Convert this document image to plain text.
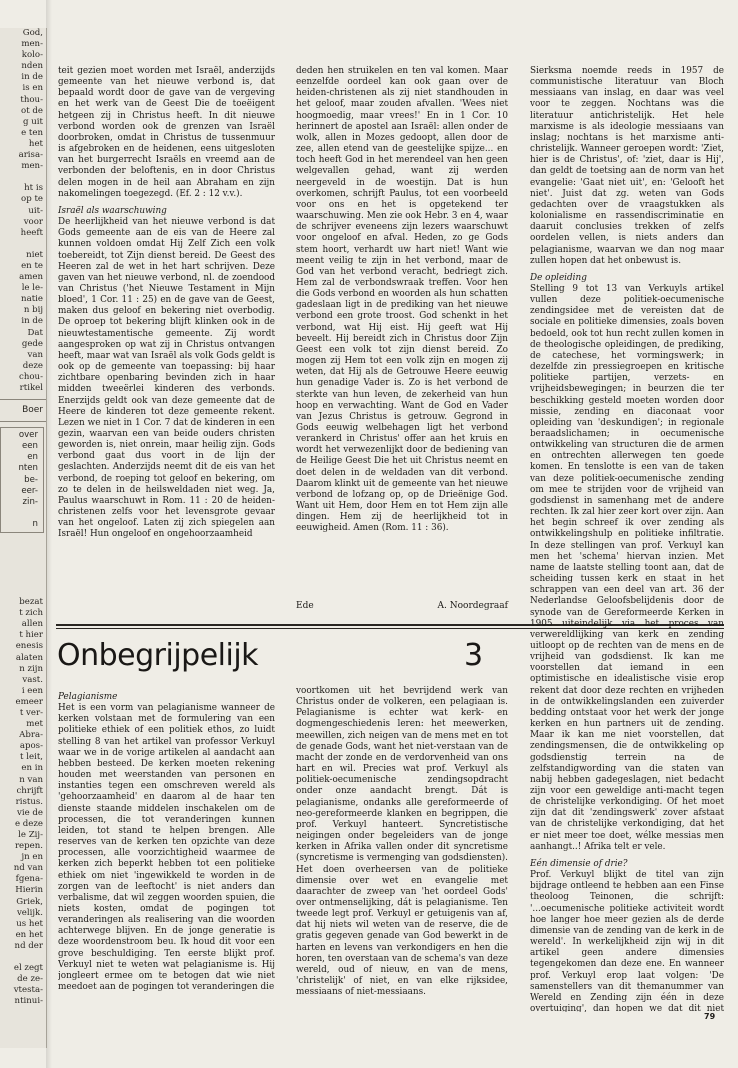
God,
men-
kolo-
nden
in de
is en
thou-
ot de
g uit
e ten
het
arisa-
men-

ht is
op te
uit-
voor
heeft

niet
en te
amen
le le-
natie
n bij
in de
Dat
gede
van
deze
chou-
rtikel
Boer
over
een
en
nten
be-
eer-
zin-

n
bezat
t zich
allen
t hier
enesis
alaten
n zijn
vast.
i een
emeer
t ver-
met
Abra-
apos-
t leit,
en in
n van
chrijft
ristus.
vie de
e deze
le Zij-
repen.
jn en
nd van
fgena-
Hierin
Griek,
velijk.
us het
en het
nd der

el zegt
de ze-
vtesta-
ntinui-

teit gezien moet worden met Israël, anderzijds gemeente van het nieuwe verbond is, dat bepaald wordt door de gave van de vergeving en het werk van de Geest Die de toeëigent hetgeen zij in Christus heeft. In dit nieuwe verbond worden ook de grenzen van Israël doorbroken, omdat in Christus de tussenmuur is afgebroken en de heidenen, eens uitgesloten van het burgerrecht Israëls en vreemd aan de verbonden der beloftenis, en in door Christus delen mogen in de heil aan Abraham en zijn nakomelingen toegezegd. (Ef. 2 : 12 v.v.).

Israël als waarschuwing

De heerlijkheid van het nieuwe verbond is dat Gods gemeente aan de eis van de Heere zal kunnen voldoen omdat Hij Zelf Zich een volk toebereidt, tot Zijn dienst bereid. De Geest des Heeren zal de wet in het hart schrijven. Deze gaven van het nieuwe verbond, nl. de zoendood van Christus ('het Nieuwe Testament in Mijn bloed', 1 Cor. 11 : 25) en de gave van de Geest, maken dus geloof en bekering niet overbodig. De oproep tot bekering blijft klinken ook in de nieuwtestamentische gemeente. Zij wordt aangesproken op wat zij in Christus ontvangen heeft, maar wat van Israël als volk Gods geldt is ook op de gemeente van toepassing: bij haar zichtbare openbaring bevinden zich in haar midden tweeërlei kinderen des verbonds. Enerzijds geldt ook van deze gemeente dat de Heere de kinderen tot deze gemeente rekent. Lezen we niet in 1 Cor. 7 dat de kinderen in een gezin, waarvan een van beide ouders christen geworden is, niet onrein, maar heilig zijn. Gods verbond gaat dus voort in de lijn der geslachten. Anderzijds neemt dit de eis van het verbond, de roeping tot geloof en bekering, om zo te delen in de heilsweldaden niet weg. Ja, Paulus waarschuwt in Rom. 11 : 20 de heiden-christenen zelfs voor het levensgrote gevaar van het ongeloof. Laten zij zich spiegelen aan Israël! Hun ongeloof en ongehoorzaamheid

deden hen struikelen en ten val komen. Maar eenzelfde oordeel kan ook gaan over de heiden-christenen als zij niet standhouden in het geloof, maar zouden afvallen. 'Wees niet hoogmoedig, maar vrees!' En in 1 Cor. 10 herinnert de apostel aan Israël: allen onder de wolk, allen in Mozes gedoopt, allen door de zee, allen etend van de geestelijke spijze... en toch heeft God in het merendeel van hen geen welgevallen gehad, want zij werden neergeveld in de woestijn. Dat is hun overkomen, schrijft Paulus, tot een voorbeeld voor ons en het is opgetekend ter waarschuwing. Men zie ook Hebr. 3 en 4, waar de schrijver eveneens zijn lezers waarschuwt voor ongeloof en afval. Heden, zo ge Gods stem hoort, verhardt uw hart niet! Want wie meent veilig te zijn in het verbond, maar de God van het verbond veracht, bedriegt zich. Hem zal de verbondswraak treffen. Voor hen die Gods verbond en woorden als hun schatten gadeslaan ligt in de prediking van het nieuwe verbond een grote troost. God schenkt in het verbond, wat Hij eist. Hij geeft wat Hij beveelt. Hij bereidt zich in Christus door Zijn Geest een volk tot zijn dienst bereid. Zo mogen zij Hem tot een volk zijn en mogen zij weten, dat Hij als de Getrouwe Heere eeuwig hun genadige Vader is. Zo is het verbond de sterkte van hun leven, de zekerheid van hun hoop en verwachting. Want de God en Vader van Jezus Christus is getrouw. Gegrond in Gods eeuwig welbehagen ligt het verbond verankerd in Christus' offer aan het kruis en wordt het verwezenlijkt door de bediening van de Heilige Geest Die het uit Christus neemt en doet delen in de weldaden van dit verbond. Daarom klinkt uit de gemeente van het nieuwe verbond de lofzang op, op de Drieënige God. Want uit Hem, door Hem en tot Hem zijn alle dingen. Hem zij de heerlijkheid tot in eeuwigheid. Amen (Rom. 11 : 36).

Ede	A. Noordegraaf
Onbegrijpelijk	3

Pelagianisme

Het is een vorm van pelagianisme wanneer de kerken volstaan met de formulering van een politieke ethiek of een politiek ethos, zo luidt stelling 8 van het artikel van professor Verkuyl waar we in de vorige artikelen al aandacht aan hebben besteed. De kerken moeten rekening houden met weerstanden van personen en instanties tegen een omschreven wereld als 'gehoorzaamheid' en daarom al de haar ten dienste staande middelen inschakelen om de processen, die tot veranderingen kunnen leiden, tot stand te helpen brengen. Alle reserves van de kerken ten opzichte van deze processen, alle voorzichtigheid waarmee de kerken zich beperkt hebben tot een politieke ethiek om niet 'ingewikkeld te worden in de zorgen van de leeftocht' is niet anders dan verbalisme, dat wil zeggen woorden spuien, die niets kosten, omdat de pogingen tot veranderingen als realisering van die woorden achterwege blijven. En de jonge generatie is deze woordenstroom beu. Ik houd dit voor een grove beschuldiging. Ten eerste blijkt prof. Verkuyl niet te weten wat pelagianisme is. Hij jongleert ermee om te betogen dat wie niet meedoet aan de pogingen tot veranderingen die

voortkomen uit het bevrijdend werk van Christus onder de volkeren, een pelagiaan is. Pelagianisme is echter wat kerk- en dogmengeschiedenis leren: het meewerken, meewillen, zich neigen van de mens met en tot de genade Gods, want het niet-verstaan van de macht der zonde en de verdorvenheid van ons hart en wil. Precies wat prof. Verkuyl als politiek-oecumenische zendingsopdracht onder onze aandacht brengt. Dát is pelagianisme, ondanks alle gereformeerde of neo-gereformeerde klanken en begrippen, die prof. Verkuyl hanteert. Syncretistische neigingen onder begeleiders van de jonge kerken in Afrika vallen onder dit syncretisme (syncretisme is vermenging van godsdiensten). Het doen overheersen van de politieke dimensie over wet en evangelie met daarachter de zweep van 'het oordeel Gods' over ontmenselijking, dát is pelagianisme. Ten tweede legt prof. Verkuyl er getuigenis van af, dat hij niets wil weten van de reserve, die de gratis gegeven genade van God bewerkt in de harten en levens van verkondigers en hen die horen, ten overstaan van de schema's van deze wereld, oud of nieuw, en van de mens, 'christelijk' of niet, en van elke rijksidee, messiaans of niet-messiaans.

Sierksma noemde reeds in 1957 de communistische literatuur van Bloch messiaans van inslag, en daar was veel voor te zeggen. Nochtans was die literatuur antichristelijk. Het hele marxisme is als ideologie messiaans van inslag; nochtans is het marxisme anti-christelijk. Wanneer geroepen wordt: 'Ziet, hier is de Christus', of: 'ziet, daar is Hij', dan geldt de toetsing aan de norm van het evangelie: 'Gaat niet uit', en: 'Gelooft het niet'. Juist dat zg. weten van Gods gedachten over de vraagstukken als kolonialisme en rassendiscriminatie en daaruit conclusies trekken of zelfs oordelen vellen, is niets anders dan pelagianisme, waarvan we dan nog maar zullen hopen dat het onbewust is.

De opleiding

Stelling 9 tot 13 van Verkuyls artikel vullen deze politiek-oecumenische zendingsidee met de vereisten dat de sociale en politieke dimensies, zoals boven bedoeld, ook tot hun recht zullen komen in de theologische opleidingen, de prediking, de catechese, het vormingswerk; in dezelfde zin pressiegroepen en kritische politieke partijen, verzets- en vrijheidsbewegingen; in beurzen die ter beschikking gesteld moeten worden door missie, zending en diaconaat voor opleiding van 'deskundigen'; in regionale beraadslichamen; in oecumenische ontwikkeling van structuren die de armen en ontrechten allerwegen ten goede komen. En tenslotte is een van de taken van deze politiek-oecumenische zending om mee te strijden voor de vrijheid van godsdienst in samenhang met de andere rechten. Ik zal hier zeer kort over zijn. Aan het begin schreef ik over zending als ontwikkelingshulp en politieke infiltratie. In deze stellingen van prof. Verkuyl kan men het 'schema' hiervan inzien. Met name de laatste stelling toont aan, dat de scheiding tussen kerk en staat in het schrappen van een deel van art. 36 der Nederlandse Geloofsbelijdenis door de synode van de Gereformeerde Kerken in 1905 uiteindelijk via het proces van verwereldlijking van kerk en zending uitloopt op de rechten van de mens en de vrijheid van godsdienst. Ik kan me voorstellen dat iemand in een optimistische en idealistische visie erop rekent dat door deze rechten en vrijheden in de ontwikkelingslanden een zuiverder bedding ontstaat voor het werk der jonge kerken en hun partners uit de zending. Maar ik kan me niet voorstellen, dat zendingsmensen, die de ontwikkeling op godsdienstig terrein na de zelfstandigwording van die staten van nabij hebben gadegeslagen, niet bedacht zijn voor een geweldige anti-macht tegen de christelijke verkondiging. Of het moet zijn dat dit 'zendingswerk' zover afstaat van de christelijke verkondiging, dat het er niet meer toe doet, wélke messias men aanhangt..! Afrika telt er vele.

Eén dimensie of drie?

Prof. Verkuyl blijkt de titel van zijn bijdrage ontleend te hebben aan een Finse theoloog Teinonen, die schrijft: '...oecumenische politieke activiteit wordt hoe langer hoe meer gezien als de derde dimensie van de zending van de kerk in de wereld'. In werkelijkheid zijn wij in dit artikel geen andere dimensies tegengekomen dan deze ene. En wanneer prof. Verkuyl erop laat volgen: 'De samenstellers van dit themanummer van Wereld en Zending zijn één in deze overtuiging', dan hopen we dat dit niet

79
